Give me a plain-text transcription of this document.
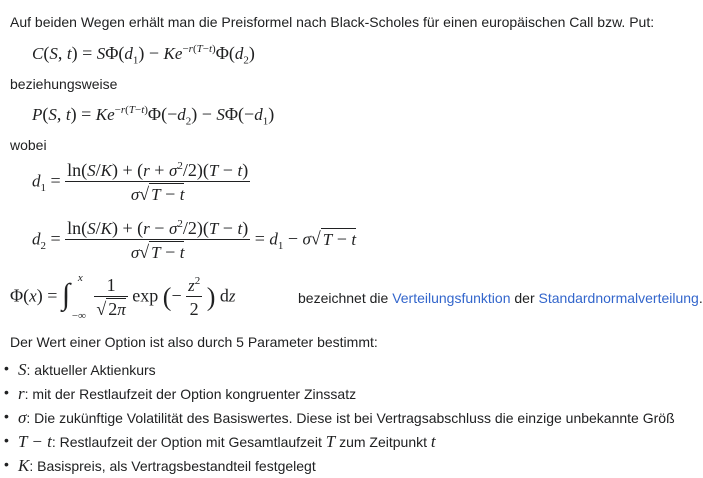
Auf beiden Wegen erhält man die Preisformel nach Black-Scholes für einen europäischen Call bzw. Put:
C(S, $t) = S\Phi(d_1) - Ke^{-r(T-t)}\Phi(d_2)$
beziehungsweise
P(S, $t) = Ke^{-r(T-t)}\Phi(-d_2) - S\Phi(-d_1)$
wobei
$d_1 = \frac{\ln(S/K) + (r + \sigma^2/2)(T - t)}{\sigma√ T - t}$
$d_2 = \frac{\ln(S/K) + (r - \sigma^2/2)(T - t)}{\sigma√ T - t} = d_1 - \sigma√$ T − t
Φ(x) = ∫ x
−∞
$\frac{1}{√ 2\pi}$ exp (− $\frac{z^2}{2}$ ) dz	bezeichnet die Verteilungsfunktion der Standardnormalverteilung.
Der Wert einer Option ist also durch 5 Parameter bestimmt:
• S: aktueller Aktienkurs
• r: mit der Restlaufzeit der Option kongruenter Zinssatz
• σ: Die zukünftige Volatilität des Basiswertes. Diese ist bei Vertragsabschluss die einzige unbekannte Größ
• T − t: Restlaufzeit der Option mit Gesamtlaufzeit T zum Zeitpunkt t
• K: Basispreis, als Vertragsbestandteil festgelegt
